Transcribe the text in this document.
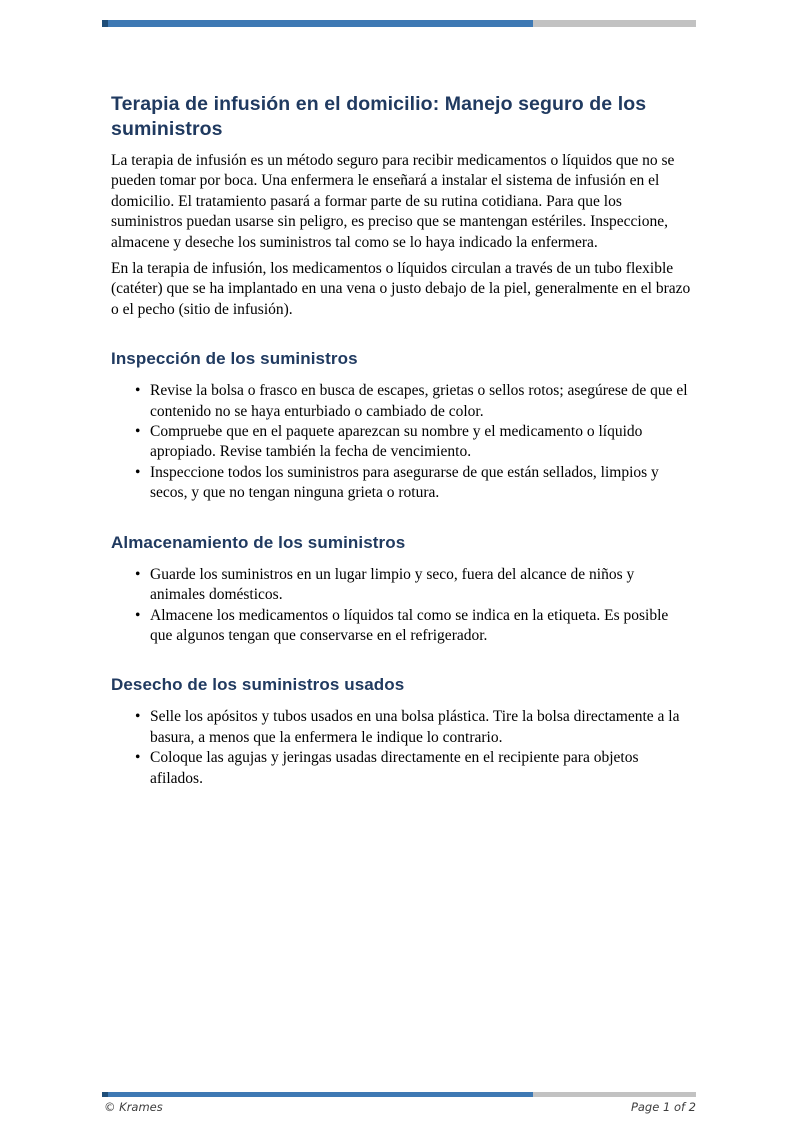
Terapia de infusión en el domicilio: Manejo seguro de los suministros

La terapia de infusión es un método seguro para recibir medicamentos o líquidos que no se pueden tomar por boca. Una enfermera le enseñará a instalar el sistema de infusión en el domicilio. El tratamiento pasará a formar parte de su rutina cotidiana. Para que los suministros puedan usarse sin peligro, es preciso que se mantengan estériles. Inspeccione, almacene y deseche los suministros tal como se lo haya indicado la enfermera.

En la terapia de infusión, los medicamentos o líquidos circulan a través de un tubo flexible (catéter) que se ha implantado en una vena o justo debajo de la piel, generalmente en el brazo o el pecho (sitio de infusión).

Inspección de los suministros
• Revise la bolsa o frasco en busca de escapes, grietas o sellos rotos; asegúrese de que el contenido no se haya enturbiado o cambiado de color.
• Compruebe que en el paquete aparezcan su nombre y el medicamento o líquido apropiado. Revise también la fecha de vencimiento.
• Inspeccione todos los suministros para asegurarse de que están sellados, limpios y secos, y que no tengan ninguna grieta o rotura.
Almacenamiento de los suministros
• Guarde los suministros en un lugar limpio y seco, fuera del alcance de niños y animales domésticos.
• Almacene los medicamentos o líquidos tal como se indica en la etiqueta. Es posible que algunos tengan que conservarse en el refrigerador.
Desecho de los suministros usados
• Selle los apósitos y tubos usados en una bolsa plástica. Tire la bolsa directamente a la basura, a menos que la enfermera le indique lo contrario.
• Coloque las agujas y jeringas usadas directamente en el recipiente para objetos afilados.
© Krames	Page 1 of 2
